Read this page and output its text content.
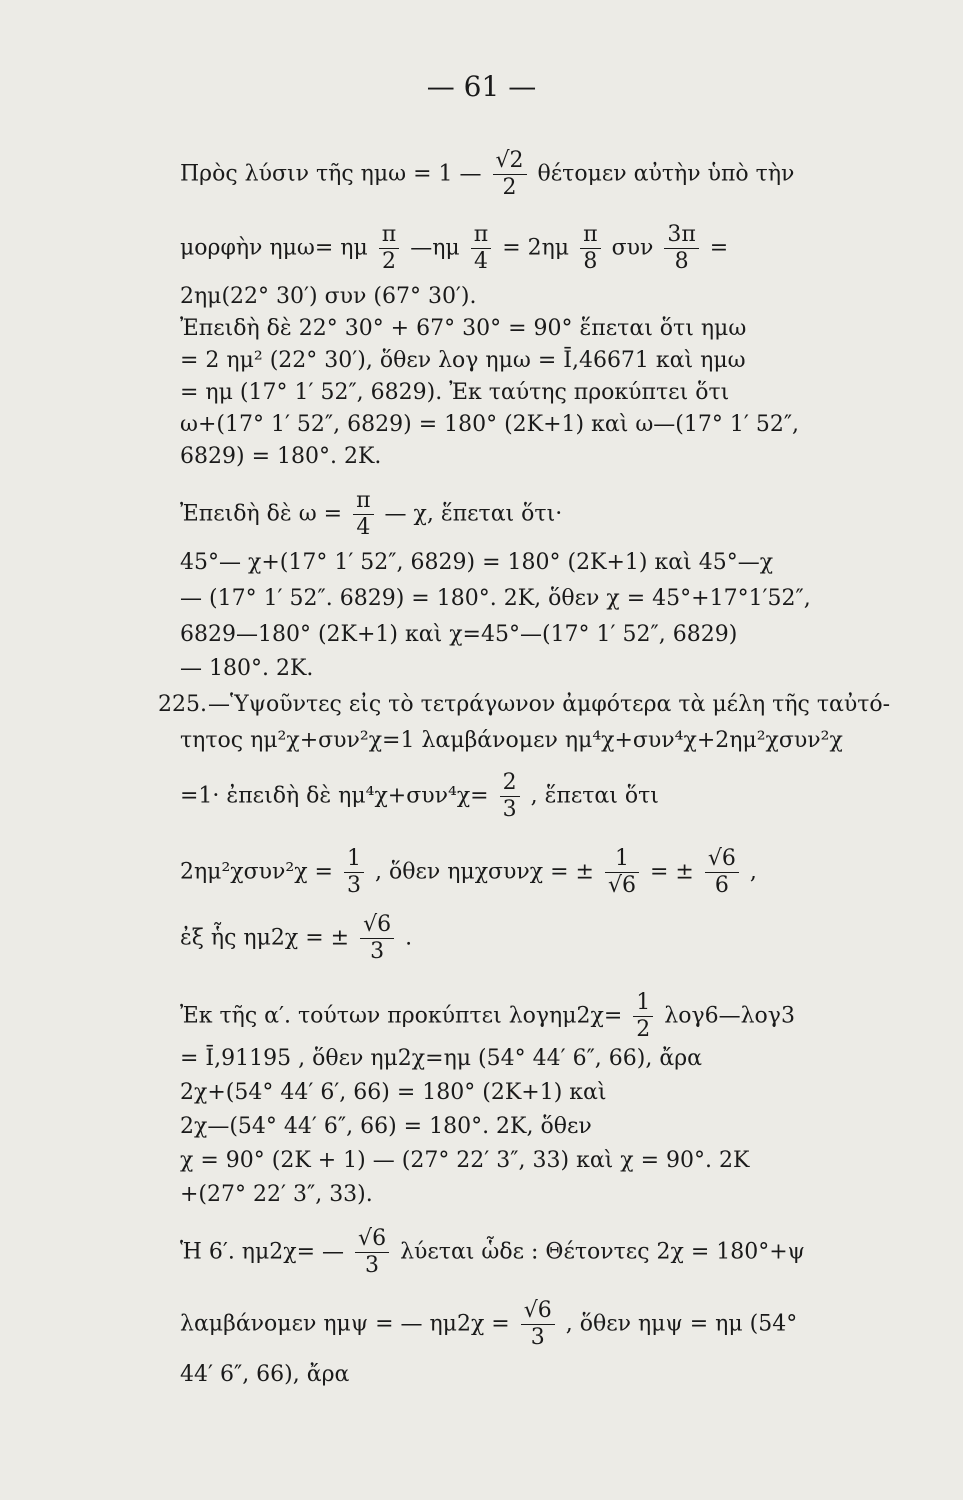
— 61 —
Πρὸς λύσιν τῆς ημω = 1 — $\frac{√2}{2}$ θέτομεν αὐτὴν ὑπὸ τὴν
μορφὴν ημω= ημ $\frac{\pi}{2}$ —ημ $\frac{\pi}{4} = 2\eta\mu \frac{\pi}{8}$ συν $\frac{3\pi}{8}$ =
2ημ(22° 30′) συν (67° 30′).
Ἐπειδὴ δὲ 22° 30° + 67° 30° = 90° ἕπεται ὅτι ημω
= 2 ημ² (22° 30′), ὅθεν λογ ημω = Ī,46671 καὶ ημω
= ημ (17° 1′ 52″, 6829). Ἐκ ταύτης προκύπτει ὅτι
ω+(17° 1′ 52″, 6829) = 180° (2K+1) καὶ ω—(17° 1′ 52″,
6829) = 180°. 2K.
Ἐπειδὴ δὲ $\omega = \frac{\pi}{4}$ — χ, ἕπεται ὅτι·
45°— χ+(17° 1′ 52″, 6829) = 180° (2K+1) καὶ 45°—χ
— (17° 1′ 52″. 6829) = 180°. 2K, ὅθεν χ = 45°+17°1′52″,
6829—180° (2K+1) καὶ χ=45°—(17° 1′ 52″, 6829)
— 180°. 2K.
225. —Ὑψοῦντες εἰς τὸ τετράγωνον ἀμφότερα τὰ μέλη τῆς ταὐτό-
τητος ημ²χ+συν²χ=1 λαμβάνομεν ημ⁴χ+συν⁴χ+2ημ²χσυν²χ
=1· ἐπειδὴ δὲ $\eta\mu^4\chi+\sigma\upsilon\nu^4\chi= \frac{2}{3}$ , ἕπεται ὅτι
$2\eta\mu^2\chi\sigma\upsilon\nu^2\chi = \frac{1}{3}$ , ὅθεν ημχσυνχ = ± $\frac{1}{√6}$ = ± $\frac{√6}{6}$ ,
ἐξ ἧς ημ2χ = ± $\frac{√6}{3}$ .
Ἐκ τῆς α′. τούτων προκύπτει $\lambda o\gamma\eta\mu 2\chi= \frac{1}{2}$ λογ6—λογ3
= Ī,91195 , ὅθεν ημ2χ=ημ (54° 44′ 6″, 66), ἄρα
2χ+(54° 44′ 6′, 66) = 180° (2K+1) καὶ
2χ—(54° 44′ 6″, 66) = 180°. 2K, ὅθεν
χ = 90° (2K + 1) — (27° 22′ 3″, 33) καὶ χ = 90°. 2K
+(27° 22′ 3″, 33).
Ἡ 6′. ημ2χ= — $\frac{√6}{3}$ λύεται ὧδε : Θέτοντες 2χ = 180°+ψ
λαμβάνομεν ημψ = — $\eta\mu 2\chi = \frac{√6}{3}$ , ὅθεν ημψ = ημ (54°
44′ 6″, 66), ἄρα
